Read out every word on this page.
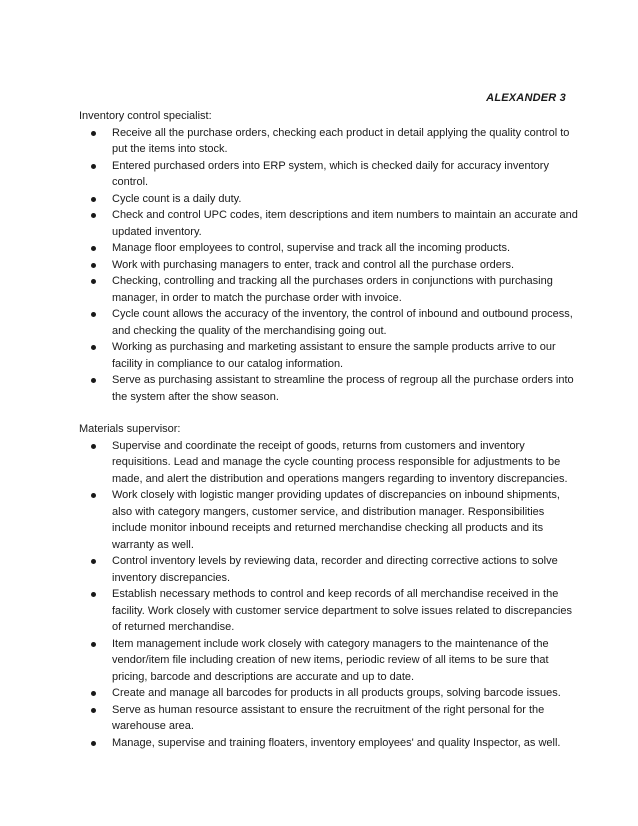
ALEXANDER 3

Inventory control specialist:

Receive all the purchase orders, checking each product in detail applying the quality control to put the items into stock.
Entered purchased orders into ERP system, which is checked daily for accuracy inventory control.
Cycle count is a daily duty.
Check and control UPC codes, item descriptions and item numbers to maintain an accurate and updated inventory.
Manage floor employees to control, supervise and track all the incoming products.
Work with purchasing managers to enter, track and control all the purchase orders.
Checking, controlling and tracking all the purchases orders in conjunctions with purchasing manager, in order to match the purchase order with invoice.
Cycle count allows the accuracy of the inventory, the control of inbound and outbound process, and checking the quality of the merchandising going out.
Working as purchasing and marketing assistant to ensure the sample products arrive to our facility in compliance to our catalog information.
Serve as purchasing assistant to streamline the process of regroup all the purchase orders into the system after the show season.

Materials supervisor:

Supervise and coordinate the receipt of goods, returns from customers and inventory requisitions. Lead and manage the cycle counting process responsible for adjustments to be made, and alert the distribution and operations mangers regarding to inventory discrepancies.
Work closely with logistic manger providing updates of discrepancies on inbound shipments, also with category mangers, customer service, and distribution manager. Responsibilities include monitor inbound receipts and returned merchandise checking all products and its warranty as well.
Control inventory levels by reviewing data, recorder and directing corrective actions to solve inventory discrepancies.
Establish necessary methods to control and keep records of all merchandise received in the facility. Work closely with customer service department to solve issues related to discrepancies of returned merchandise.
Item management include work closely with category managers to the maintenance of the vendor/item file including creation of new items, periodic review of all items to be sure that pricing, barcode and descriptions are accurate and up to date.
Create and manage all barcodes for products in all products groups, solving barcode issues.
Serve as human resource assistant to ensure the recruitment of the right personal for the warehouse area.
Manage, supervise and training floaters, inventory employees' and quality Inspector, as well.
